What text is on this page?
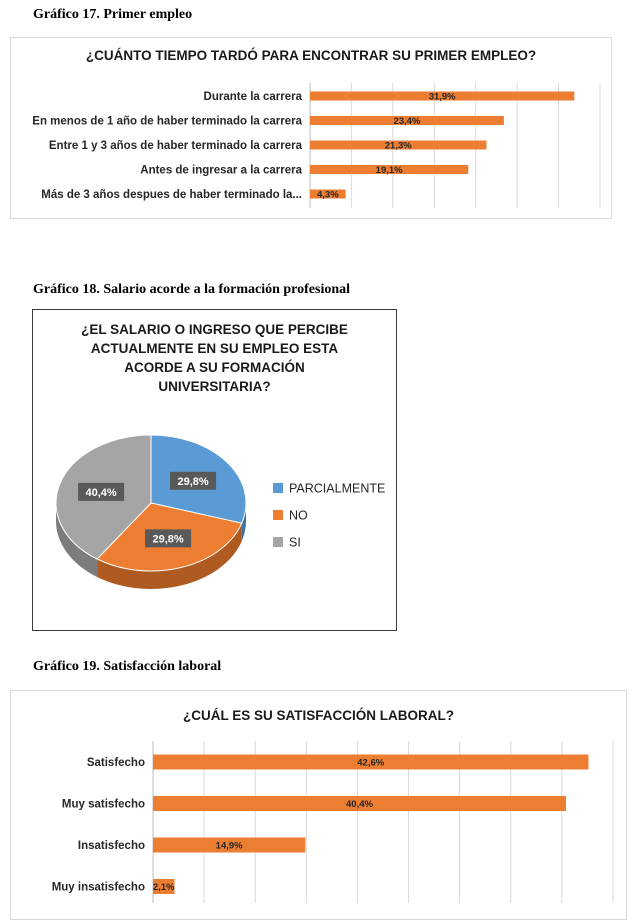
Gráfico 17. Primer empleo
¿CUÁNTO TIEMPO TARDÓ PARA ENCONTRAR SU PRIMER EMPLEO?
Durante la carrera	31,9%
En menos de 1 año de haber terminado la carrera	23,4%
Entre 1 y 3 años de haber terminado la carrera	21,3%
Antes de ingresar a la carrera	19,1%
Más de 3 años despues de haber terminado la... 4,3%
Gráfico 18. Salario acorde a la formación profesional
¿EL SALARIO O INGRESO QUE PERCIBE
ACTUALMENTE EN SU EMPLEO ESTA
ACORDE A SU FORMACIÓN
UNIVERSITARIA?
29,8%
29,8%
40,4%	PARCIALMENTE
NO
SI
Gráfico 19. Satisfacción laboral
¿CUÁL ES SU SATISFACCIÓN LABORAL?
Satisfecho	42,6%
Muy satisfecho	40,4%
Insatisfecho	14,9%
Muy insatisfecho 2,1%
